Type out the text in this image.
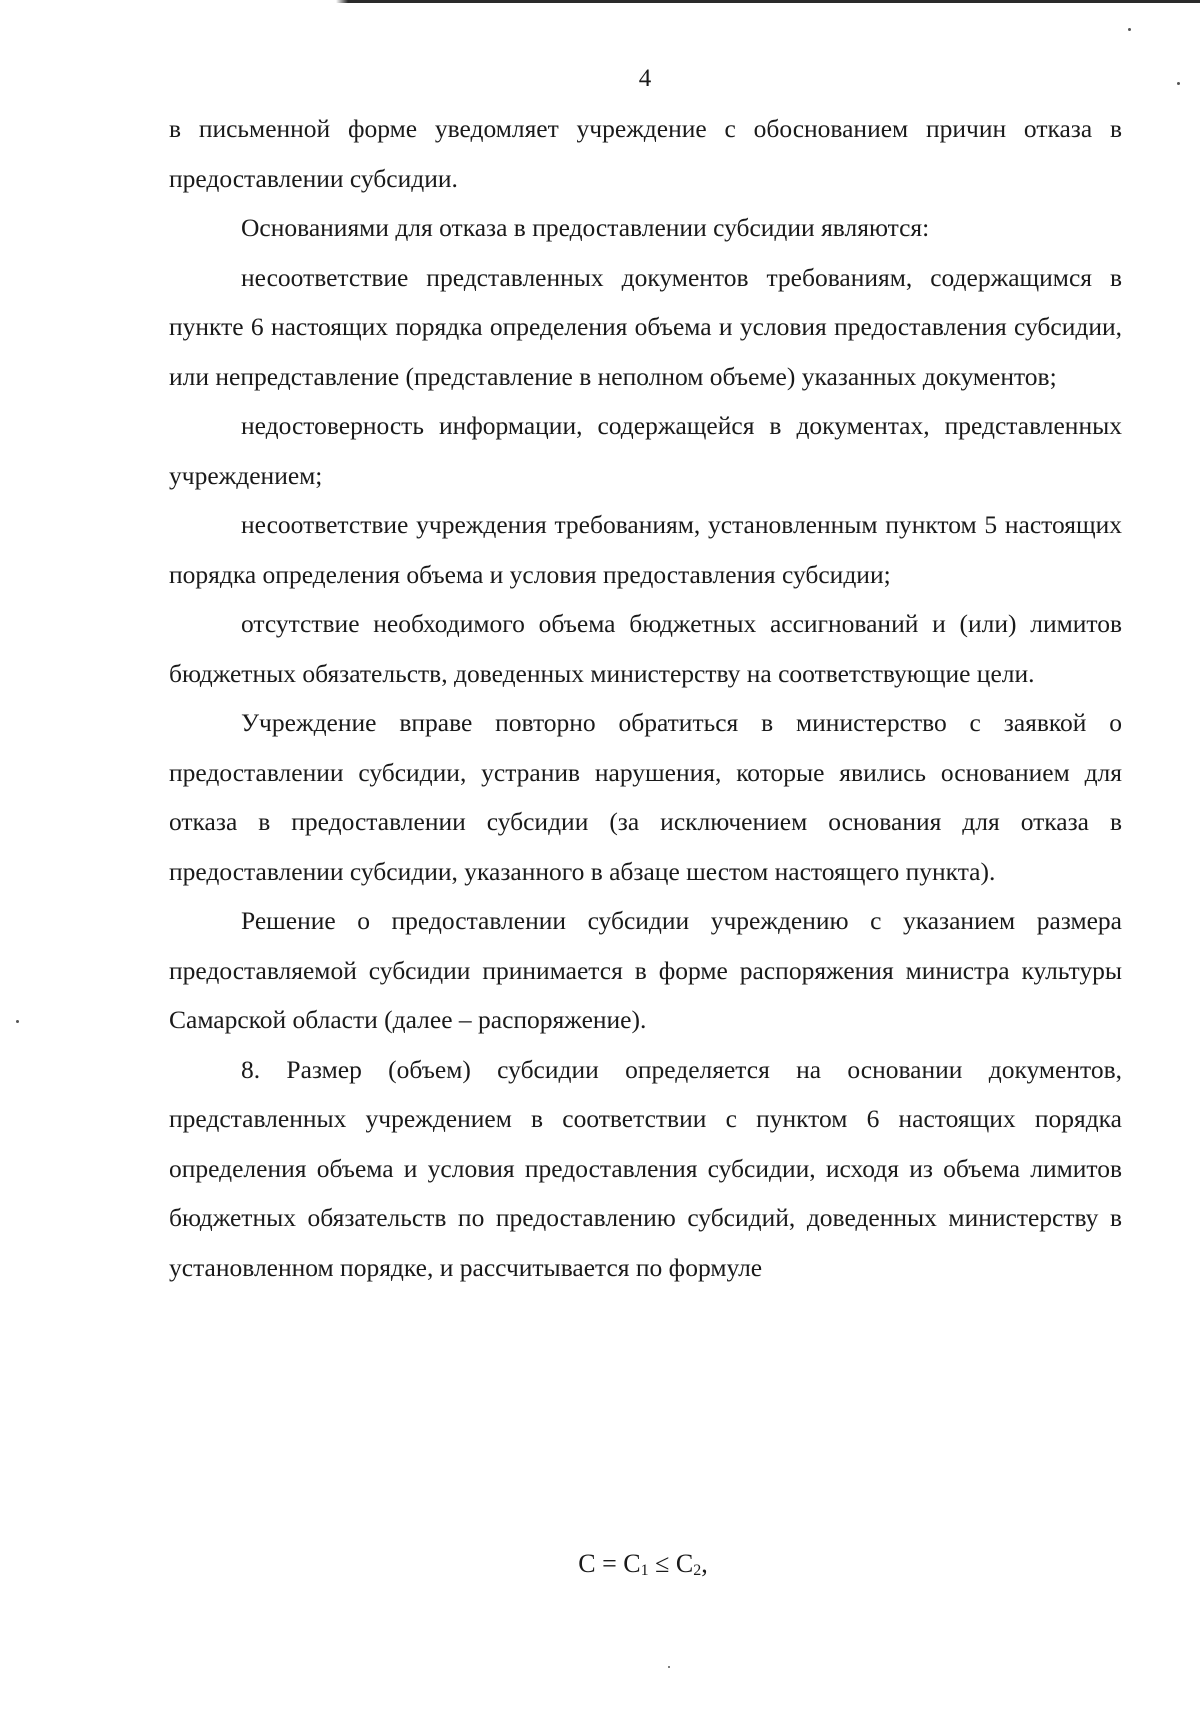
4

в письменной форме уведомляет учреждение с обоснованием причин отказа в предоставлении субсидии.

Основаниями для отказа в предоставлении субсидии являются:

несоответствие представленных документов требованиям, содержащимся в пункте 6 настоящих порядка определения объема и условия предоставления субсидии, или непредставление (представление в неполном объеме) указанных документов;

недостоверность информации, содержащейся в документах, представленных учреждением;

несоответствие учреждения требованиям, установленным пунктом 5 настоящих порядка определения объема и условия предоставления субсидии;

отсутствие необходимого объема бюджетных ассигнований и (или) лимитов бюджетных обязательств, доведенных министерству на соответствующие цели.

Учреждение вправе повторно обратиться в министерство с заявкой о предоставлении субсидии, устранив нарушения, которые явились основанием для отказа в предоставлении субсидии (за исключением основания для отказа в предоставлении субсидии, указанного в абзаце шестом настоящего пункта).

Решение о предоставлении субсидии учреждению с указанием размера предоставляемой субсидии принимается в форме распоряжения министра культуры Самарской области (далее – распоряжение).

8. Размер (объем) субсидии определяется на основании документов, представленных учреждением в соответствии с пунктом 6 настоящих порядка определения объема и условия предоставления субсидии, исходя из объема лимитов бюджетных обязательств по предоставлению субсидий, доведенных министерству в установленном порядке, и рассчитывается по формуле

$C = C_1 \le C_2$,
